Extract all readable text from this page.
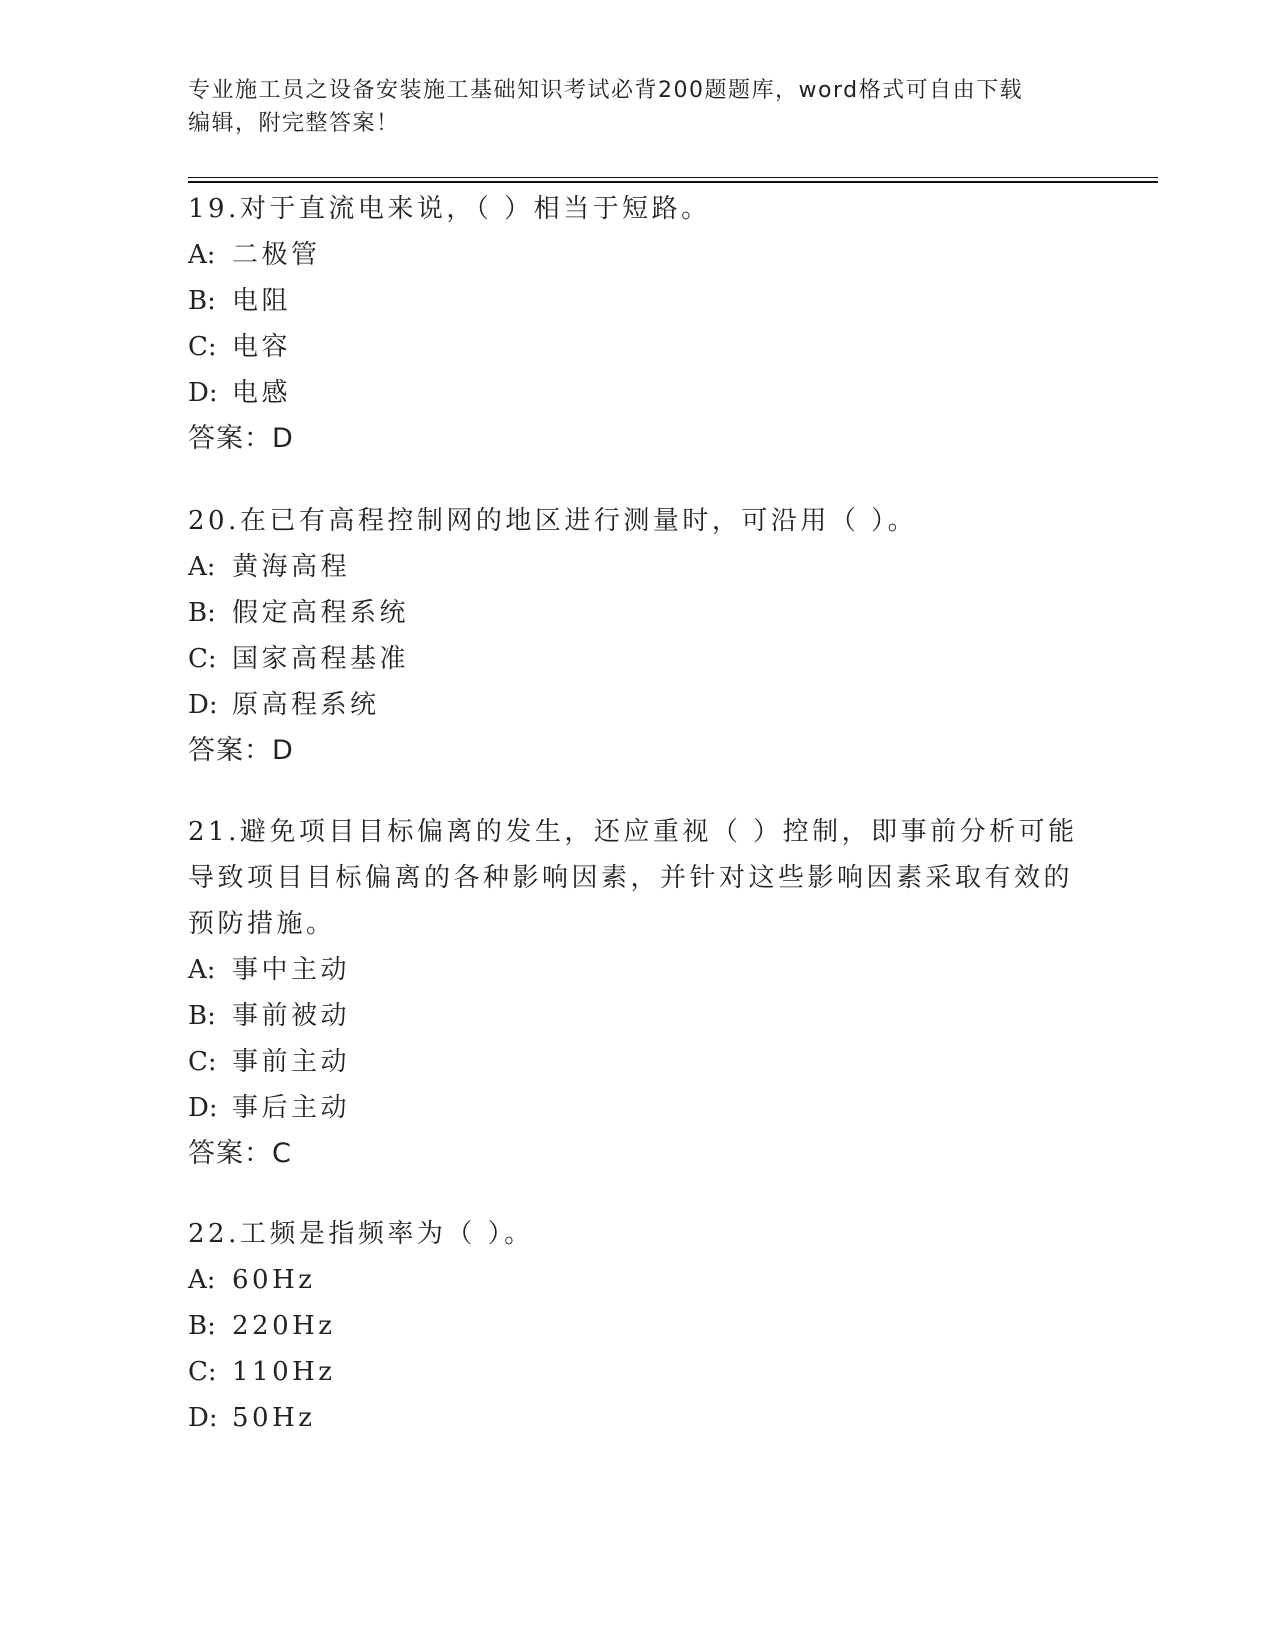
专业施工员之设备安装施工基础知识考试必背200题题库，word格式可自由下载
编辑，附完整答案！

19.对于直流电来说，（ ）相当于短路。

A: 二极管

B: 电阻

C: 电容

D: 电感

答案：D

20.在已有高程控制网的地区进行测量时，可沿用（ ）。

A: 黄海高程

B: 假定高程系统

C: 国家高程基准

D: 原高程系统

答案：D

21.避免项目目标偏离的发生，还应重视（ ）控制，即事前分析可能导致项目目标偏离的各种影响因素，并针对这些影响因素采取有效的预防措施。

A: 事中主动

B: 事前被动

C: 事前主动

D: 事后主动

答案：C

22.工频是指频率为（ ）。

A: 60Hz

B: 220Hz

C: 110Hz

D: 50Hz
